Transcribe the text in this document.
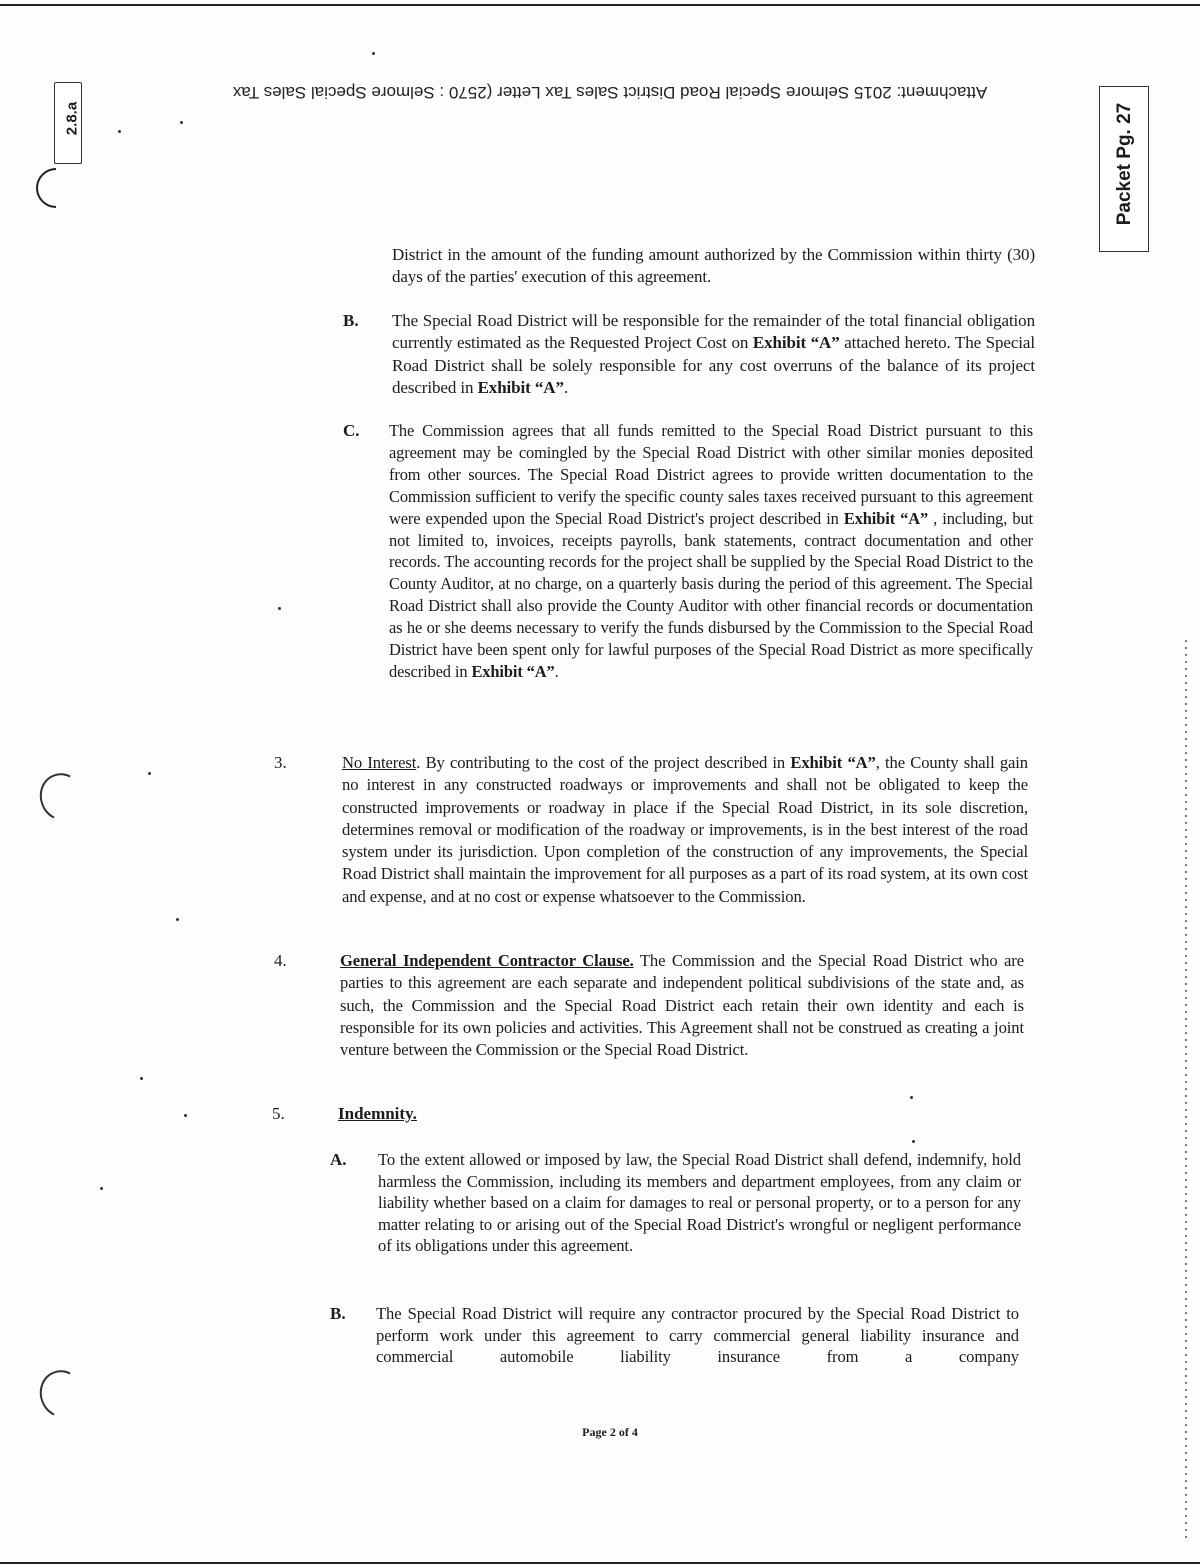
Attachment: 2015 Selmore Special Road District Sales Tax Letter (2570 : Selmore Special Sales Tax
2.8.a	Packet Pg. 27
District in the amount of the funding amount authorized by the Commission within thirty (30) days of the parties' execution of this agreement.
B. The Special Road District will be responsible for the remainder of the total financial obligation currently estimated as the Requested Project Cost on Exhibit “A” attached hereto. The Special Road District shall be solely responsible for any cost overruns of the balance of its project described in Exhibit “A”.
C. The Commission agrees that all funds remitted to the Special Road District pursuant to this agreement may be comingled by the Special Road District with other similar monies deposited from other sources. The Special Road District agrees to provide written documentation to the Commission sufficient to verify the specific county sales taxes received pursuant to this agreement were expended upon the Special Road District's project described in Exhibit “A” , including, but not limited to, invoices, receipts payrolls, bank statements, contract documentation and other records. The accounting records for the project shall be supplied by the Special Road District to the County Auditor, at no charge, on a quarterly basis during the period of this agreement. The Special Road District shall also provide the County Auditor with other financial records or documentation as he or she deems necessary to verify the funds disbursed by the Commission to the Special Road District have been spent only for lawful purposes of the Special Road District as more specifically described in Exhibit “A”.
3.	No Interest. By contributing to the cost of the project described in Exhibit “A”, the County shall gain no interest in any constructed roadways or improvements and shall not be obligated to keep the constructed improvements or roadway in place if the Special Road District, in its sole discretion, determines removal or modification of the roadway or improvements, is in the best interest of the road system under its jurisdiction. Upon completion of the construction of any improvements, the Special Road District shall maintain the improvement for all purposes as a part of its road system, at its own cost and expense, and at no cost or expense whatsoever to the Commission.
4.	General Independent Contractor Clause. The Commission and the Special Road District who are parties to this agreement are each separate and independent political subdivisions of the state and, as such, the Commission and the Special Road District each retain their own identity and each is responsible for its own policies and activities. This Agreement shall not be construed as creating a joint venture between the Commission or the Special Road District.
5.	Indemnity.
A. To the extent allowed or imposed by law, the Special Road District shall defend, indemnify, hold harmless the Commission, including its members and department employees, from any claim or liability whether based on a claim for damages to real or personal property, or to a person for any matter relating to or arising out of the Special Road District's wrongful or negligent performance of its obligations under this agreement.
B. The Special Road District will require any contractor procured by the Special Road District to perform work under this agreement to carry commercial general liability insurance and commercial automobile liability insurance from a company
Page 2 of 4
